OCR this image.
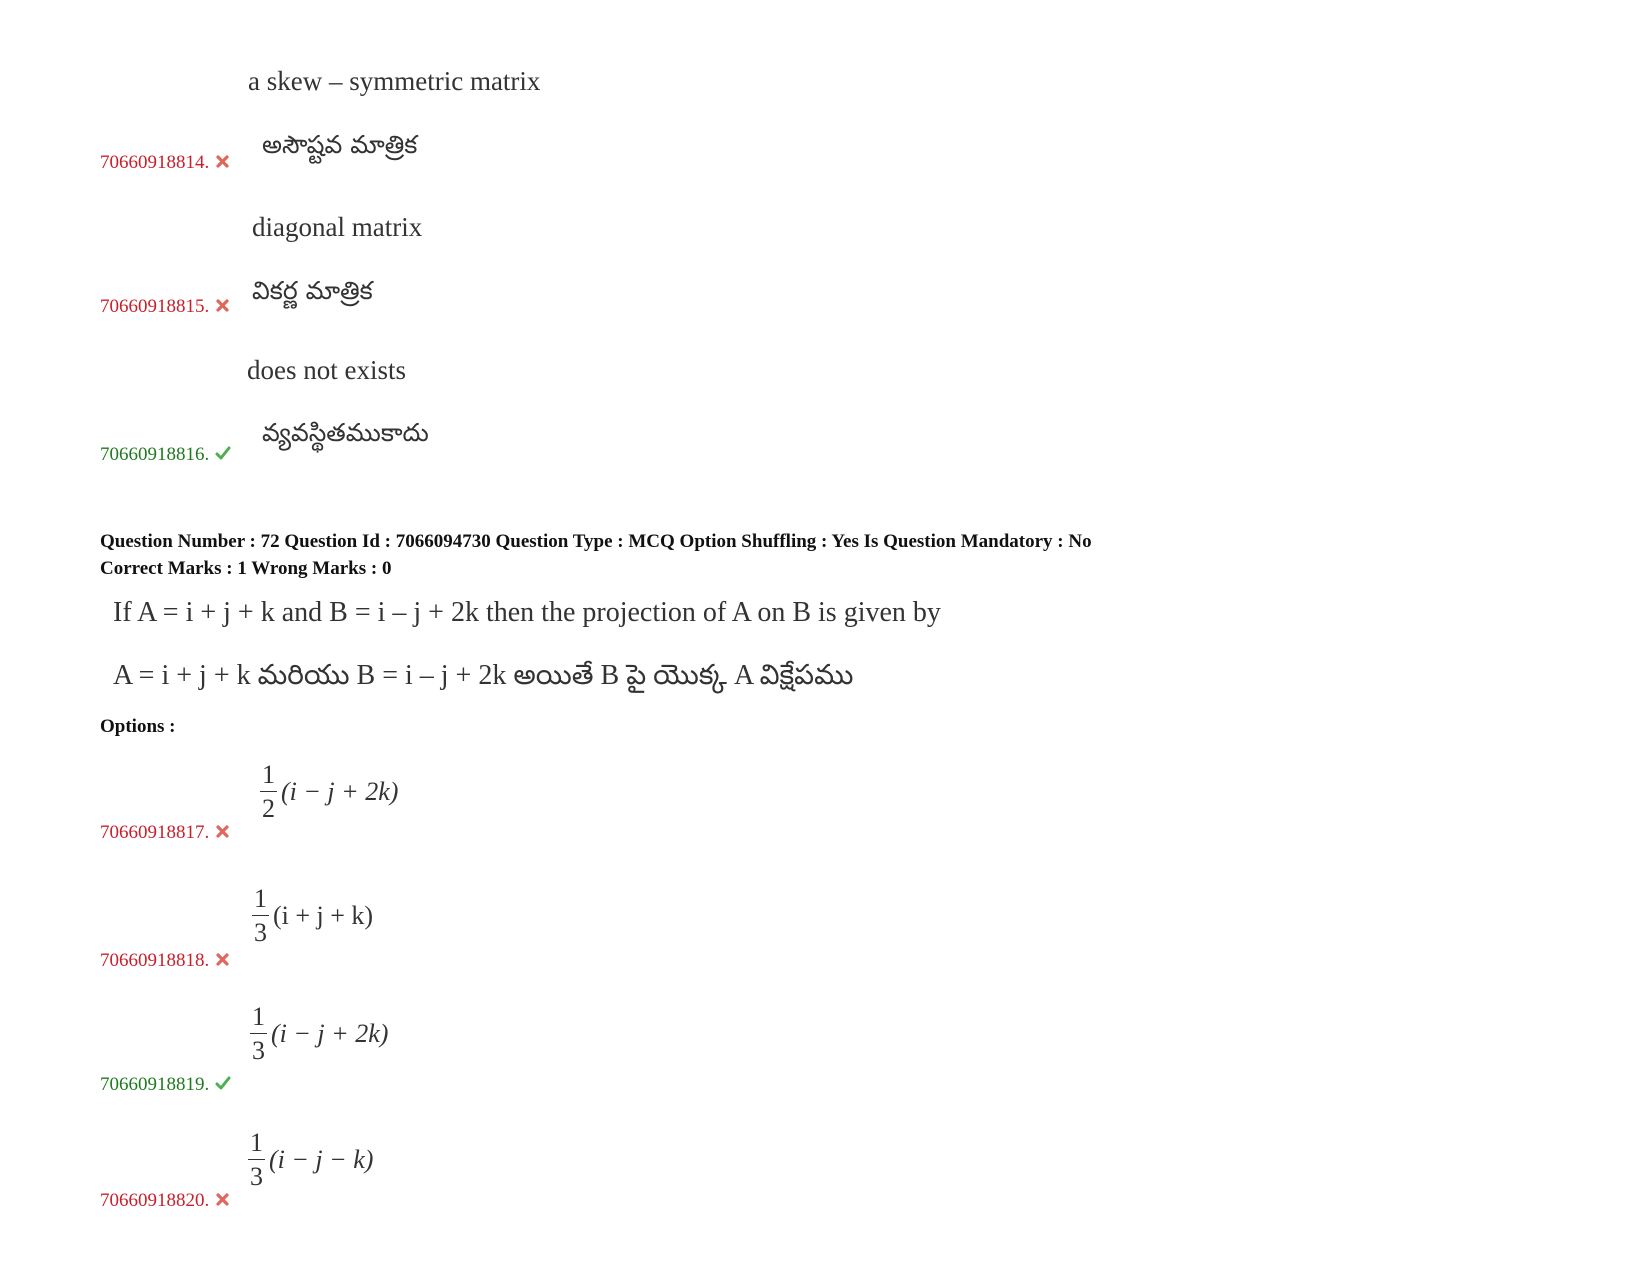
a skew – symmetric matrix
అసౌష్టవ మాత్రిక
70660918814.
diagonal matrix
వికర్ణ మాత్రిక
70660918815.
does not exists
వ్యవస్థితముకాదు
70660918816.
Question Number : 72 Question Id : 7066094730 Question Type : MCQ Option Shuffling : Yes Is Question Mandatory : No
Correct Marks : 1 Wrong Marks : 0
If A = i + j + k and B = i – j + 2k then the projection of A on B is given by
A = i + j + k మరియు B = i – j + 2k అయితే B పై యొక్క A విక్షేపము
Options :
$\frac{1}{2} (i - j + 2k)$
70660918817.
$\frac{1}{3} (i + j + k)$
70660918818.
$\frac{1}{3} (i - j + 2k)$
70660918819.
$\frac{1}{3} (i - j - k)$
70660918820.
